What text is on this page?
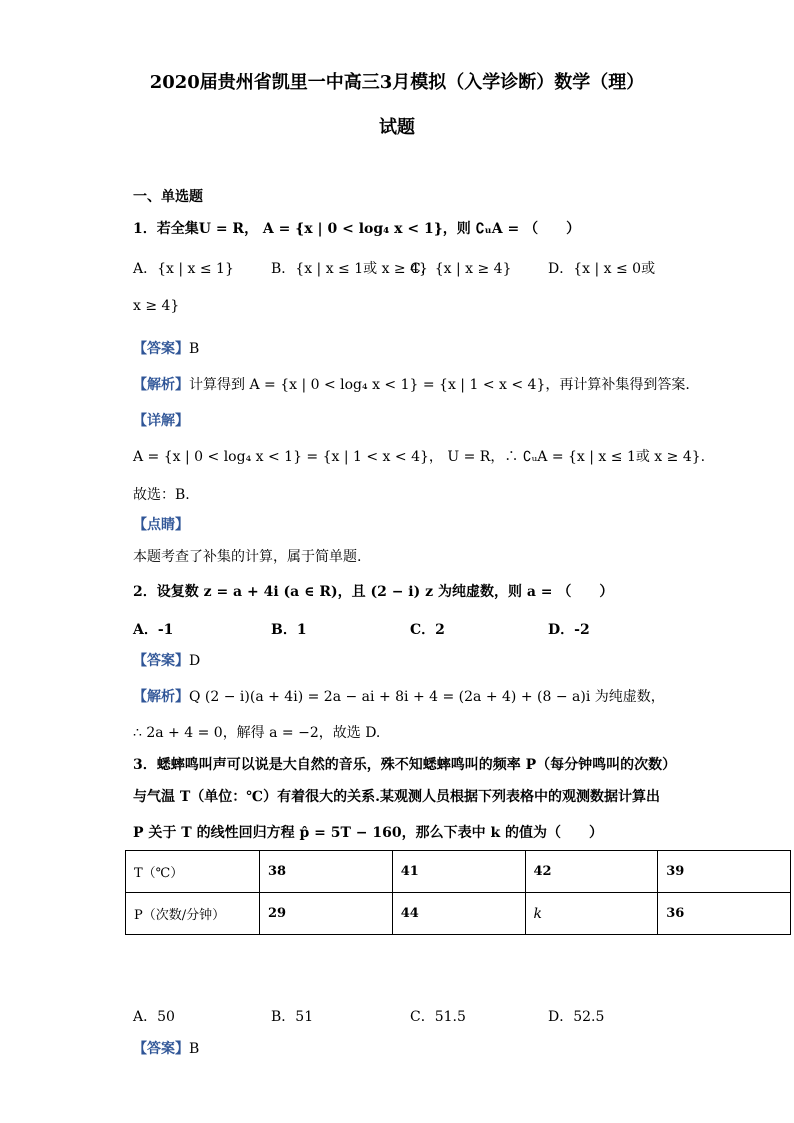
2020届贵州省凯里一中高三3月模拟（入学诊断）数学（理）
试题
一、单选题
1．若全集U = R， A = {x | 0 < log₄ x < 1}，则 ∁ᵤA = （　　）
A．{x | x ≤ 1}	B．{x | x ≤ 1或 x ≥ 4}
C．{x | x ≥ 4}	D．{x | x ≤ 0或
x ≥ 4}
【答案】B
【解析】计算得到 A = {x | 0 < log₄ x < 1} = {x | 1 < x < 4}，再计算补集得到答案.
【详解】
A = {x | 0 < log₄ x < 1} = {x | 1 < x < 4}， U = R，∴ ∁ᵤA = {x | x ≤ 1或 x ≥ 4}.
故选：B.
【点睛】
本题考查了补集的计算，属于简单题.
2．设复数 z = a + 4i (a ∈ R)，且 (2 − i) z 为纯虚数，则 a = （　　）
A．-1	B．1	C．2	D．-2
【答案】D
【解析】Q (2 − i)(a + 4i) = 2a − ai + 8i + 4 = (2a + 4) + (8 − a)i 为纯虚数，
∴ 2a + 4 = 0，解得 a = −2，故选 D.
3．蟋蟀鸣叫声可以说是大自然的音乐，殊不知蟋蟀鸣叫的频率 P（每分钟鸣叫的次数）
与气温 T（单位：℃）有着很大的关系.某观测人员根据下列表格中的观测数据计算出
P 关于 T 的线性回归方程 p̂ = 5T − 160，那么下表中 k 的值为（　　）
T（℃）	38	41	42	39
P（次数/分钟）	29	44	k	36
A．50	B．51	C．51.5	D．52.5
【答案】B
